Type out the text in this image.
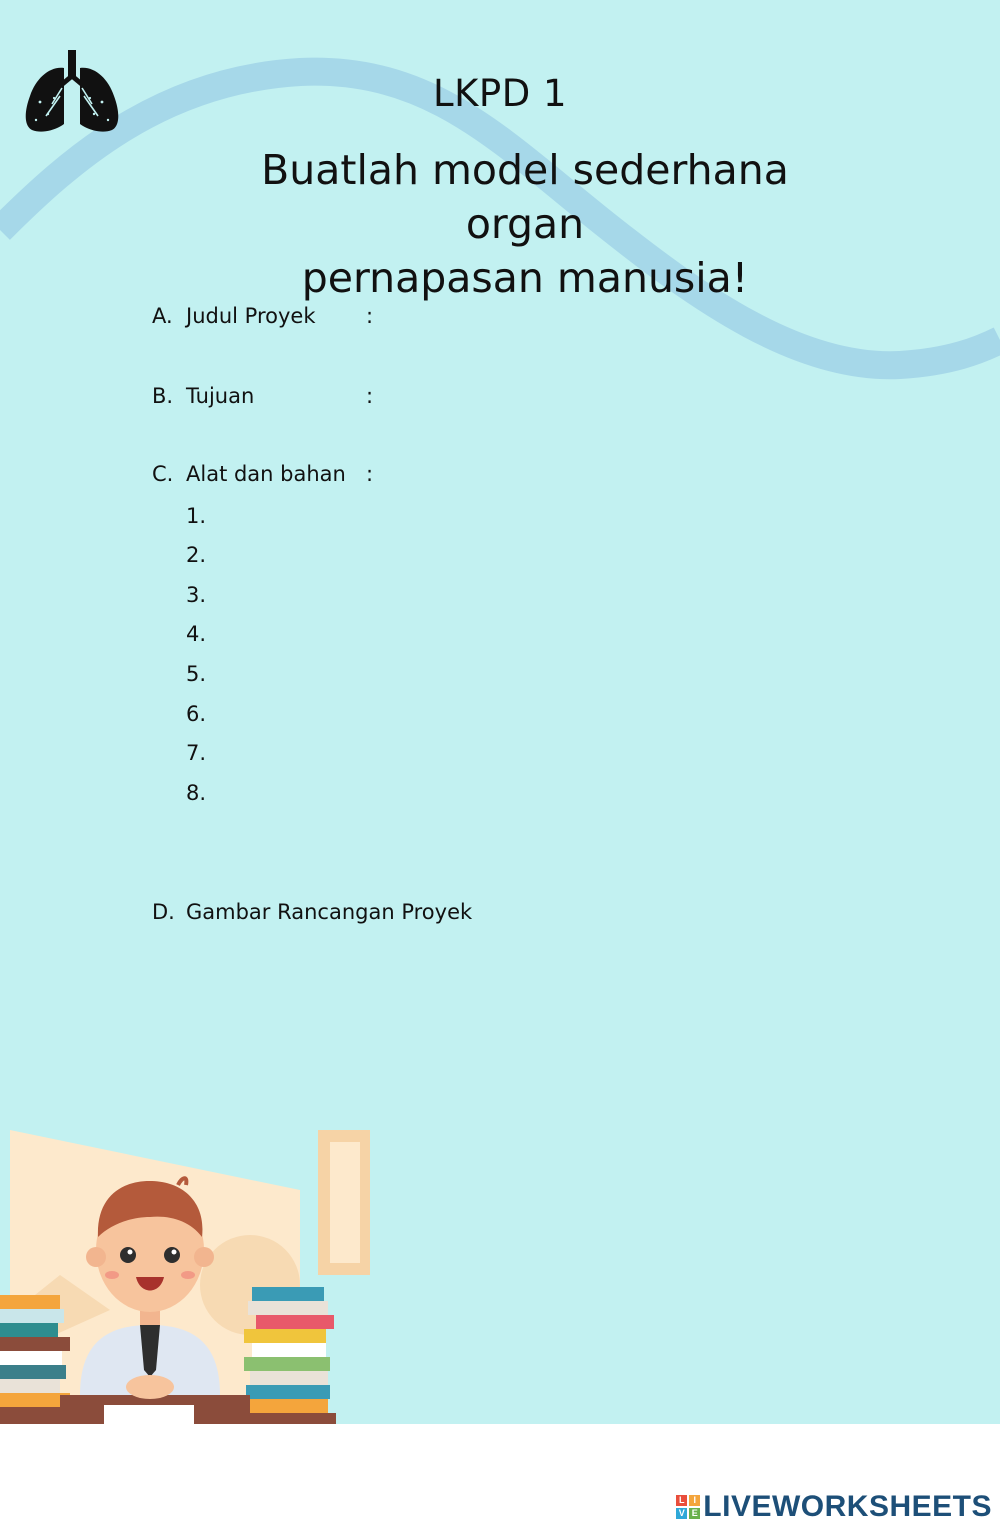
LKPD 1
Buatlah model sederhana organ
pernapasan manusia!
A. Judul Proyek :
B. Tujuan	:
C. Alat dan bahan :
1.
2.
3.
4.
5.
6.
7.
8.
D. Gambar Rancangan Proyek
L I
V E LIVEWORKSHEETS
